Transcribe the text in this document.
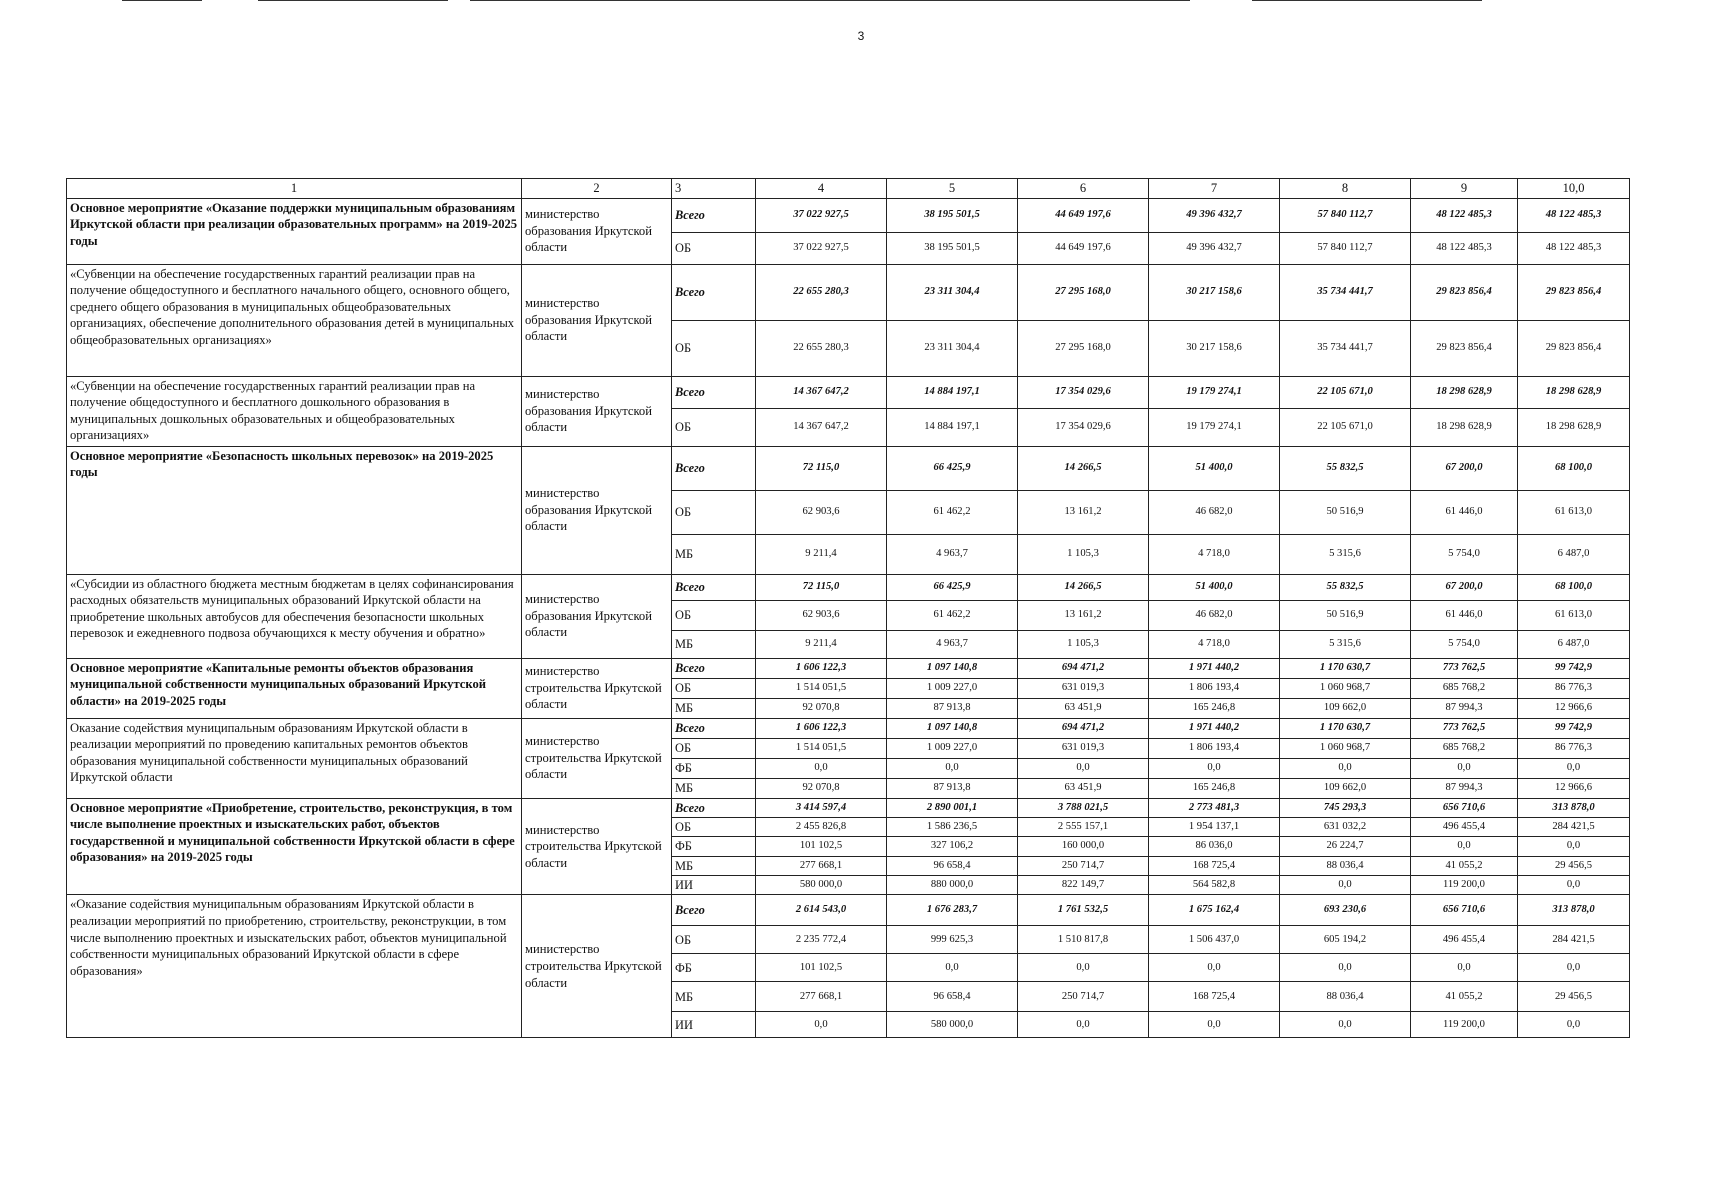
3
1	2	3	4	5	6	7	8	9	10,0
Основное мероприятие «Оказание поддержки муниципальным образованиям Иркутской области при реализации образовательных программ» на 2019-2025 годы	министерство образования Иркутской области	Всего	37 022 927,5	38 195 501,5	44 649 197,6	49 396 432,7	57 840 112,7	48 122 485,3	48 122 485,3
		ОБ	37 022 927,5	38 195 501,5	44 649 197,6	49 396 432,7	57 840 112,7	48 122 485,3	48 122 485,3
«Субвенции на обеспечение государственных гарантий реализации прав на получение общедоступного и бесплатного начального общего, основного общего, среднего общего образования в муниципальных общеобразовательных организациях, обеспечение дополнительного образования детей в муниципальных общеобразовательных организациях»	министерство образования Иркутской области	Всего	22 655 280,3	23 311 304,4	27 295 168,0	30 217 158,6	35 734 441,7	29 823 856,4	29 823 856,4
		ОБ	22 655 280,3	23 311 304,4	27 295 168,0	30 217 158,6	35 734 441,7	29 823 856,4	29 823 856,4
«Субвенции на обеспечение государственных гарантий реализации прав на получение общедоступного и бесплатного дошкольного образования в муниципальных дошкольных образовательных и общеобразовательных организациях»	министерство образования Иркутской области	Всего	14 367 647,2	14 884 197,1	17 354 029,6	19 179 274,1	22 105 671,0	18 298 628,9	18 298 628,9
		ОБ	14 367 647,2	14 884 197,1	17 354 029,6	19 179 274,1	22 105 671,0	18 298 628,9	18 298 628,9
Основное мероприятие «Безопасность школьных перевозок» на 2019-2025 годы	министерство образования Иркутской области	Всего	72 115,0	66 425,9	14 266,5	51 400,0	55 832,5	67 200,0	68 100,0
		ОБ	62 903,6	61 462,2	13 161,2	46 682,0	50 516,9	61 446,0	61 613,0
		МБ	9 211,4	4 963,7	1 105,3	4 718,0	5 315,6	5 754,0	6 487,0
«Субсидии из областного бюджета местным бюджетам в целях софинансирования расходных обязательств муниципальных образований Иркутской области на приобретение школьных автобусов для обеспечения безопасности школьных перевозок и ежедневного подвоза обучающихся к месту обучения и обратно»	министерство образования Иркутской области	Всего	72 115,0	66 425,9	14 266,5	51 400,0	55 832,5	67 200,0	68 100,0
		ОБ	62 903,6	61 462,2	13 161,2	46 682,0	50 516,9	61 446,0	61 613,0
		МБ	9 211,4	4 963,7	1 105,3	4 718,0	5 315,6	5 754,0	6 487,0
Основное мероприятие «Капитальные ремонты объектов образования муниципальной собственности муниципальных образований Иркутской области» на 2019-2025 годы	министерство строительства Иркутской области	Всего	1 606 122,3	1 097 140,8	694 471,2	1 971 440,2	1 170 630,7	773 762,5	99 742,9
		ОБ	1 514 051,5	1 009 227,0	631 019,3	1 806 193,4	1 060 968,7	685 768,2	86 776,3
		МБ	92 070,8	87 913,8	63 451,9	165 246,8	109 662,0	87 994,3	12 966,6
Оказание содействия муниципальным образованиям Иркутской области в реализации мероприятий по проведению капитальных ремонтов объектов образования муниципальной собственности муниципальных образований Иркутской области	министерство строительства Иркутской области	Всего	1 606 122,3	1 097 140,8	694 471,2	1 971 440,2	1 170 630,7	773 762,5	99 742,9
		ОБ	1 514 051,5	1 009 227,0	631 019,3	1 806 193,4	1 060 968,7	685 768,2	86 776,3
		ФБ	0,0	0,0	0,0	0,0	0,0	0,0	0,0
		МБ	92 070,8	87 913,8	63 451,9	165 246,8	109 662,0	87 994,3	12 966,6
Основное мероприятие «Приобретение, строительство, реконструкция, в том числе выполнение проектных и изыскательских работ, объектов государственной и муниципальной собственности Иркутской области в сфере образования» на 2019-2025 годы	министерство строительства Иркутской области	Всего	3 414 597,4	2 890 001,1	3 788 021,5	2 773 481,3	745 293,3	656 710,6	313 878,0
		ОБ	2 455 826,8	1 586 236,5	2 555 157,1	1 954 137,1	631 032,2	496 455,4	284 421,5
		ФБ	101 102,5	327 106,2	160 000,0	86 036,0	26 224,7	0,0	0,0
		МБ	277 668,1	96 658,4	250 714,7	168 725,4	88 036,4	41 055,2	29 456,5
		ИИ	580 000,0	880 000,0	822 149,7	564 582,8	0,0	119 200,0	0,0
«Оказание содействия муниципальным образованиям Иркутской области в реализации мероприятий по приобретению, строительству, реконструкции, в том числе выполнению проектных и изыскательских работ, объектов муниципальной собственности муниципальных образований Иркутской области в сфере образования»	министерство строительства Иркутской области	Всего	2 614 543,0	1 676 283,7	1 761 532,5	1 675 162,4	693 230,6	656 710,6	313 878,0
		ОБ	2 235 772,4	999 625,3	1 510 817,8	1 506 437,0	605 194,2	496 455,4	284 421,5
		ФБ	101 102,5	0,0	0,0	0,0	0,0	0,0	0,0
		МБ	277 668,1	96 658,4	250 714,7	168 725,4	88 036,4	41 055,2	29 456,5
		ИИ	0,0	580 000,0	0,0	0,0	0,0	119 200,0	0,0
